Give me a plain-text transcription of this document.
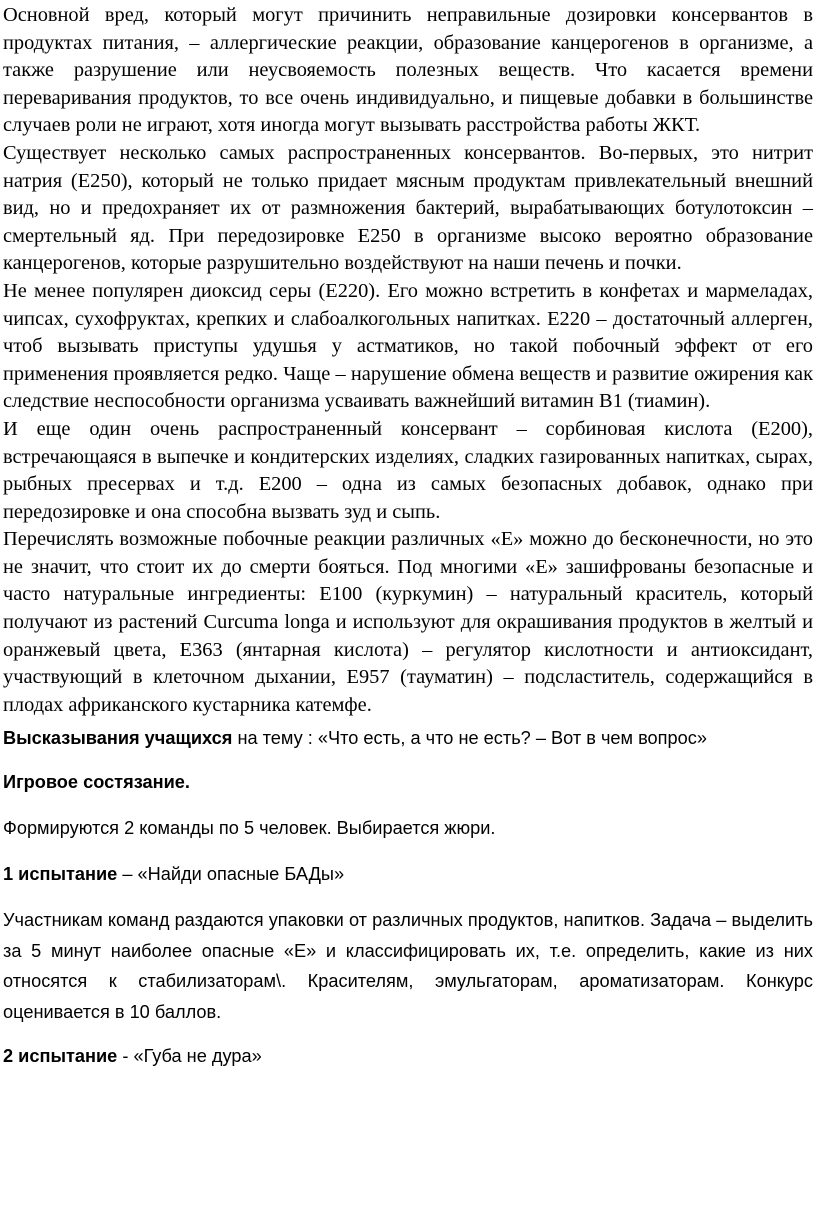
Основной вред, который могут причинить неправильные дозировки консервантов в продуктах питания, – аллергические реакции, образование канцерогенов в организме, а также разрушение или неусвояемость полезных веществ. Что касается времени переваривания продуктов, то все очень индивидуально, и пищевые добавки в большинстве случаев роли не играют, хотя иногда могут вызывать расстройства работы ЖКТ.

Существует несколько самых распространенных консервантов. Во-первых, это нитрит натрия (Е250), который не только придает мясным продуктам привлекательный внешний вид, но и предохраняет их от размножения бактерий, вырабатывающих ботулотоксин – смертельный яд. При передозировке Е250 в организме высоко вероятно образование канцерогенов, которые разрушительно воздействуют на наши печень и почки.

Не менее популярен диоксид серы (Е220). Его можно встретить в конфетах и мармеладах, чипсах, сухофруктах, крепких и слабоалкогольных напитках. Е220 – достаточный аллерген, чтоб вызывать приступы удушья у астматиков, но такой побочный эффект от его применения проявляется редко. Чаще – нарушение обмена веществ и развитие ожирения как следствие неспособности организма усваивать важнейший витамин В1 (тиамин).

И еще один очень распространенный консервант – сорбиновая кислота (Е200), встречающаяся в выпечке и кондитерских изделиях, сладких газированных напитках, сырах, рыбных пресервах и т.д. Е200 – одна из самых безопасных добавок, однако при передозировке и она способна вызвать зуд и сыпь.

Перечислять возможные побочные реакции различных «Е» можно до бесконечности, но это не значит, что стоит их до смерти бояться. Под многими «Е» зашифрованы безопасные и часто натуральные ингредиенты: Е100 (куркумин) – натуральный краситель, который получают из растений Curcuma longa и используют для окрашивания продуктов в желтый и оранжевый цвета, Е363 (янтарная кислота) – регулятор кислотности и антиоксидант, участвующий в клеточном дыхании, Е957 (тауматин) – подсластитель, содержащийся в плодах африканского кустарника катемфе.

Высказывания учащихся на тему : «Что есть, а что не есть? – Вот в чем вопрос»

Игровое состязание.

Формируются 2 команды по 5 человек. Выбирается жюри.

1 испытание – «Найди опасные БАДы»

Участникам команд раздаются упаковки от различных продуктов, напитков. Задача – выделить за 5 минут наиболее опасные «Е» и классифицировать их, т.е. определить, какие из них относятся к стабилизаторам\. Красителям, эмульгаторам, ароматизаторам. Конкурс оценивается в 10 баллов.

2 испытание - «Губа не дура»
